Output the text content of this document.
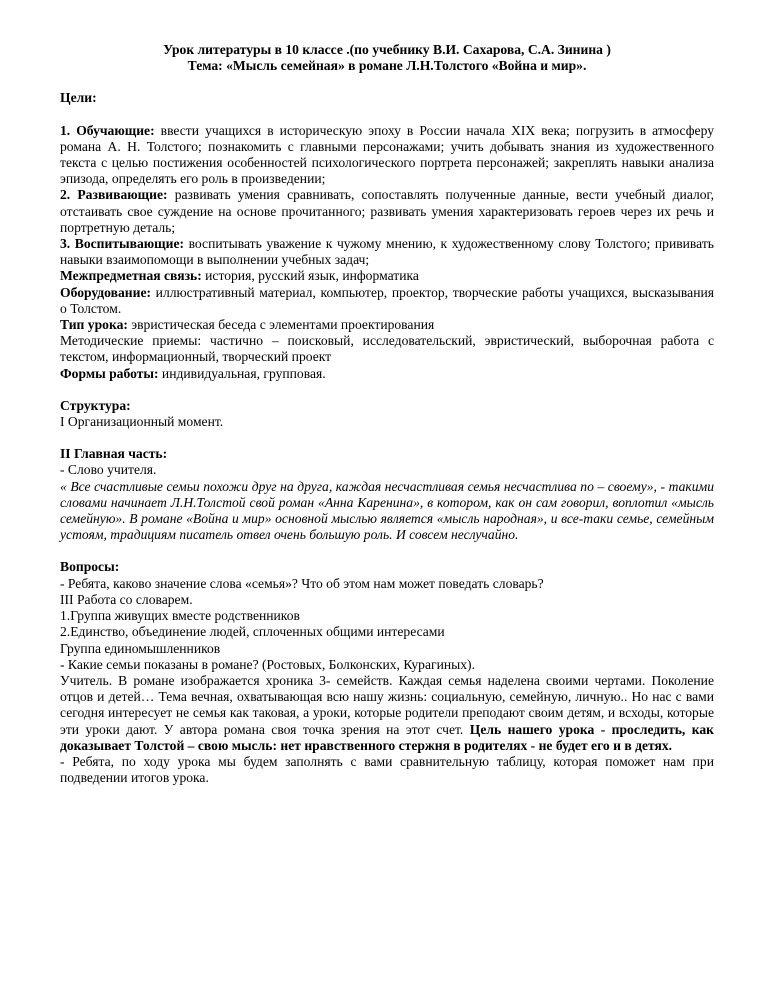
Урок литературы в 10 классе .(по учебнику В.И. Сахарова, С.А. Зинина )

Тема: «Мысль семейная» в романе Л.Н.Толстого «Война и мир».

Цели:

1. Обучающие: ввести учащихся в историческую эпоху в России начала XIX века; погрузить в атмосферу романа А. Н. Толстого; познакомить с главными персонажами; учить добывать знания из художественного текста с целью постижения особенностей психологического портрета персонажей; закреплять навыки анализа эпизода, определять его роль в произведении;

2. Развивающие: развивать умения сравнивать, сопоставлять полученные данные, вести учебный диалог, отстаивать свое суждение на основе прочитанного; развивать умения характеризовать героев через их речь и портретную деталь;

3. Воспитывающие: воспитывать уважение к чужому мнению, к художественному слову Толстого; прививать навыки взаимопомощи в выполнении учебных задач;

Межпредметная связь: история, русский язык, информатика

Оборудование: иллюстративный материал, компьютер, проектор, творческие работы учащихся, высказывания о Толстом.

Тип урока: эвристическая беседа с элементами проектирования

Методические приемы: частично – поисковый, исследовательский, эвристический, выборочная работа с текстом, информационный, творческий проект

Формы работы: индивидуальная, групповая.

Структура:

I Организационный момент.

II Главная часть:

- Слово учителя.

« Все счастливые семьи похожи друг на друга, каждая несчастливая семья несчастлива по – своему», - такими словами начинает Л.Н.Толстой свой роман «Анна Каренина», в котором, как он сам говорил, воплотил «мысль семейную». В романе «Война и мир» основной мыслью является «мысль народная», и все-таки семье, семейным устоям, традициям писатель отвел очень большую роль. И совсем неслучайно.

Вопросы:

- Ребята, каково значение слова «семья»? Что об этом нам может поведать словарь?

III Работа со словарем.

1.Группа живущих вместе родственников

2.Единство, объединение людей, сплоченных общими интересами

Группа единомышленников

- Какие семьи показаны в романе? (Ростовых, Болконских, Курагиных).

Учитель. В романе изображается хроника 3- семейств. Каждая семья наделена своими чертами. Поколение отцов и детей… Тема вечная, охватывающая всю нашу жизнь: социальную, семейную, личную.. Но нас с вами сегодня интересует не семья как таковая, а уроки, которые родители преподают своим детям, и всходы, которые эти уроки дают. У автора романа своя точка зрения на этот счет. Цель нашего урока - проследить, как доказывает Толстой – свою мысль: нет нравственного стержня в родителях - не будет его и в детях.

- Ребята, по ходу урока мы будем заполнять с вами сравнительную таблицу, которая поможет нам при подведении итогов урока.
